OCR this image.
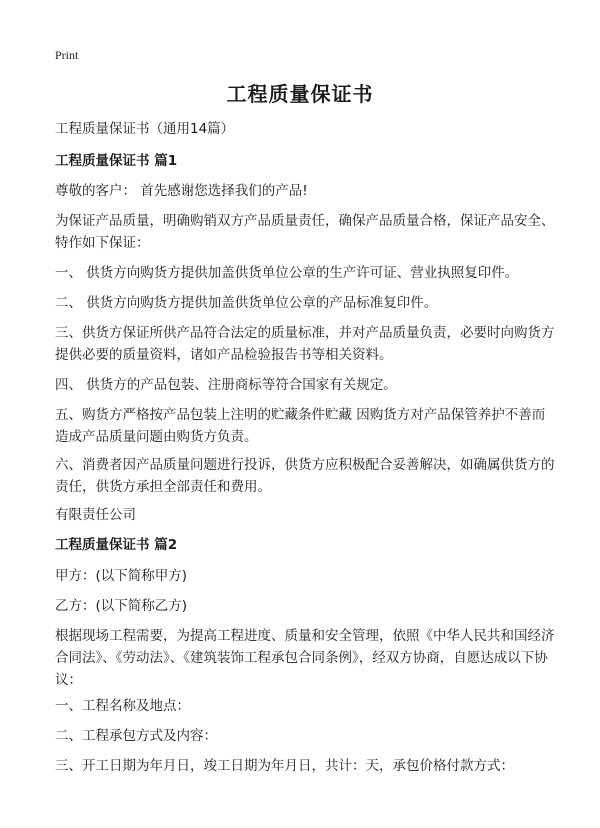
Print
工程质量保证书
工程质量保证书（通用14篇）
工程质量保证书 篇1
尊敬的客户： 首先感谢您选择我们的产品!
为保证产品质量，明确购销双方产品质量责任，确保产品质量合格，保证产品安全、特作如下保证：
一、 供货方向购货方提供加盖供货单位公章的生产许可证、营业执照复印件。
二、 供货方向购货方提供加盖供货单位公章的产品标准复印件。
三、供货方保证所供产品符合法定的质量标准，并对产品质量负责，必要时向购货方提供必要的质量资料，诸如产品检验报告书等相关资料。
四、 供货方的产品包装、注册商标等符合国家有关规定。
五、购货方严格按产品包装上注明的贮藏条件贮藏 因购货方对产品保管养护不善而造成产品质量问题由购货方负责。
六、消费者因产品质量问题进行投诉，供货方应积极配合妥善解决，如确属供货方的责任，供货方承担全部责任和费用。
有限责任公司
工程质量保证书 篇2
甲方：(以下简称甲方)
乙方：(以下简称乙方)
根据现场工程需要，为提高工程进度、质量和安全管理，依照《中华人民共和国经济合同法》、《劳动法》、《建筑装饰工程承包合同条例》，经双方协商，自愿达成以下协议：
一、工程名称及地点：
二、工程承包方式及内容：
三、开工日期为年月日，竣工日期为年月日，共计：天，承包价格付款方式：
